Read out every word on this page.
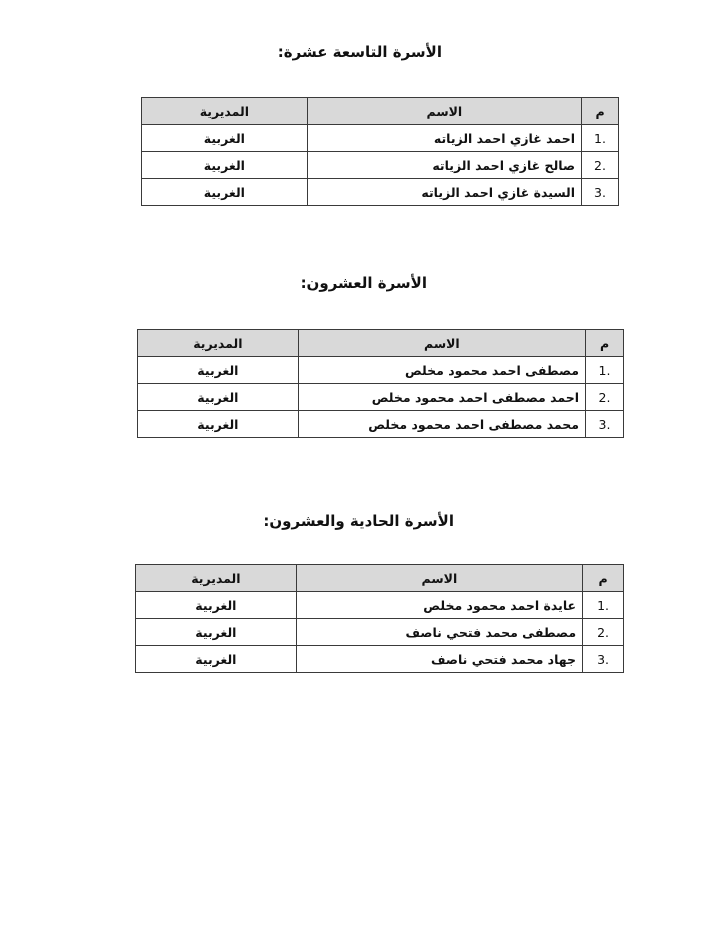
الأسرة التاسعة عشرة:
م	الاسم	المديرية
.1	احمد غازي احمد الزياته	الغربية
.2	صالح غازي احمد الزياته	الغربية
.3	السيدة غازي احمد الزياته	الغربية
الأسرة العشرون:
م	الاسم	المديرية
.1	مصطفى احمد محمود مخلص	الغربية
.2	احمد مصطفى احمد محمود مخلص	الغربية
.3	محمد مصطفى احمد محمود مخلص	الغربية
الأسرة الحادية والعشرون:
م	الاسم	المديرية
.1	عايدة احمد محمود مخلص	الغربية
.2	مصطفى محمد فتحي ناصف	الغربية
.3	جهاد محمد فتحي ناصف	الغربية
